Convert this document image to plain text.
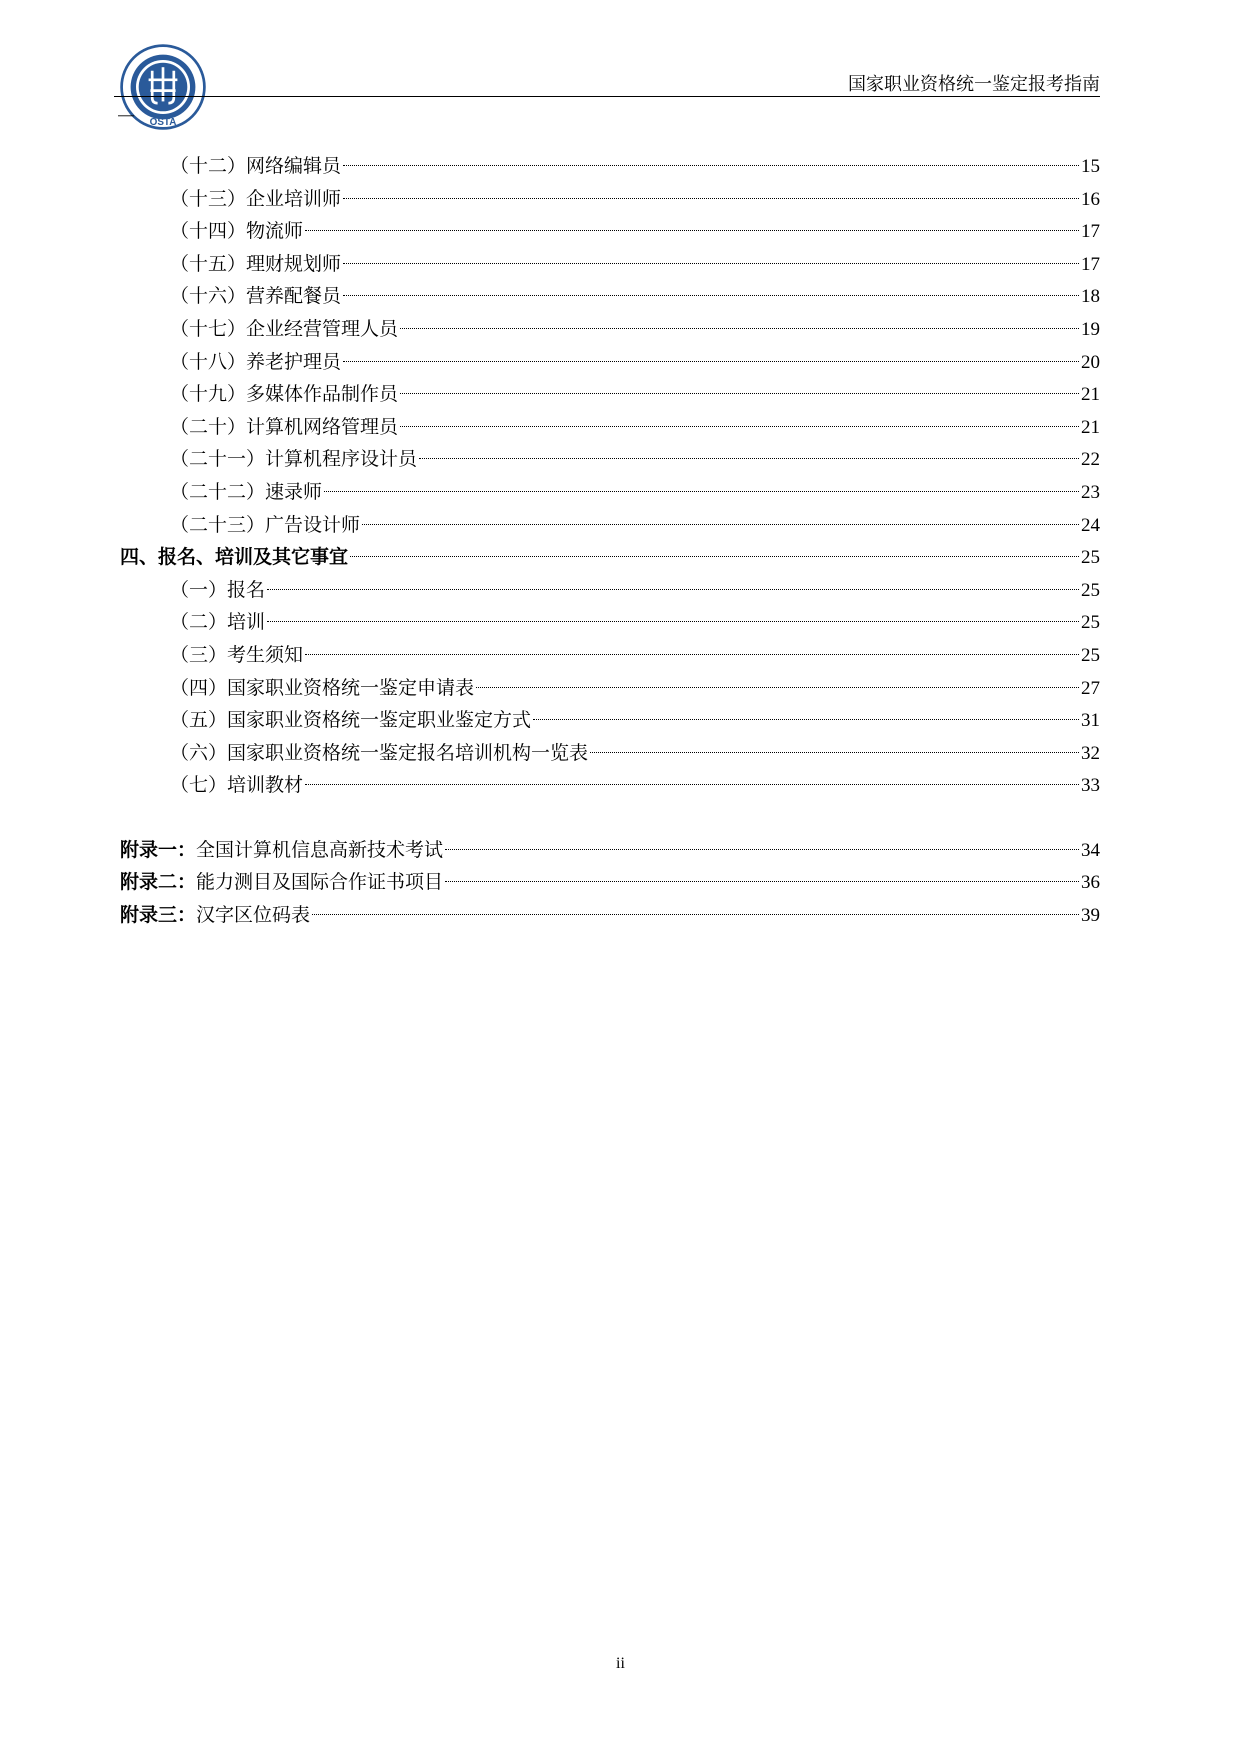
OSTA
国家职业资格统一鉴定报考指南
（十二）网络编辑员	15
（十三）企业培训师	16
（十四）物流师	17
（十五）理财规划师	17
（十六）营养配餐员	18
（十七）企业经营管理人员	19
（十八）养老护理员	20
（十九）多媒体作品制作员	21
（二十）计算机网络管理员	21
（二十一）计算机程序设计员	22
（二十二）速录师	23
（二十三）广告设计师	24
四、报名、培训及其它事宜	25
（一）报名	25
（二）培训	25
（三）考生须知	25
（四）国家职业资格统一鉴定申请表	27
（五）国家职业资格统一鉴定职业鉴定方式	31
（六）国家职业资格统一鉴定报名培训机构一览表	32
（七）培训教材	33
附录一：全国计算机信息高新技术考试	34
附录二：能力测目及国际合作证书项目	36
附录三：汉字区位码表	39
ii
